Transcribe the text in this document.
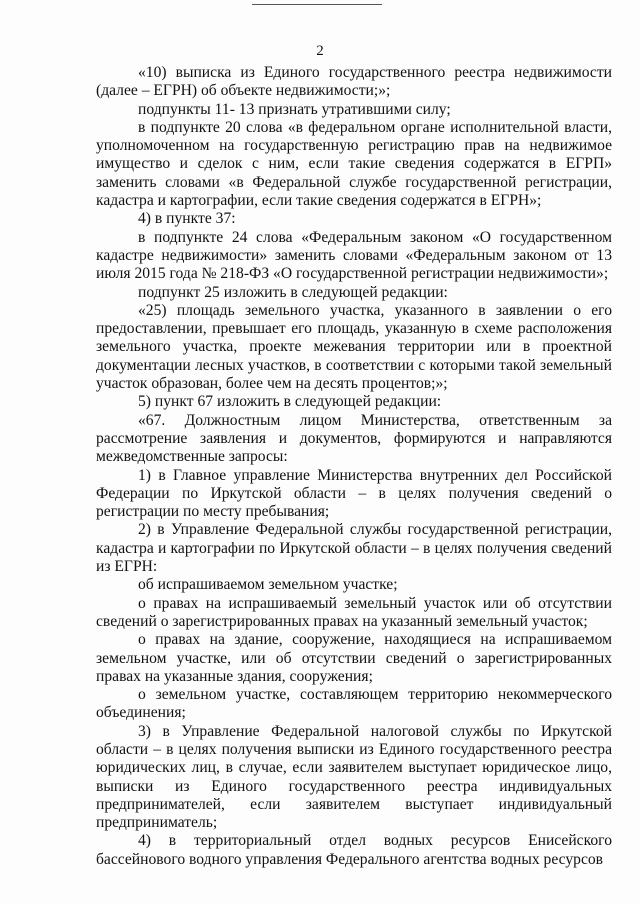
2

«10) выписка из Единого государственного реестра недвижимости (далее – ЕГРН) об объекте недвижимости;»;

подпункты 11- 13 признать утратившими силу;

в подпункте 20 слова «в федеральном органе исполнительной власти, уполномоченном на государственную регистрацию прав на недвижимое имущество и сделок с ним, если такие сведения содержатся в ЕГРП» заменить словами «в Федеральной службе государственной регистрации, кадастра и картографии, если такие сведения содержатся в ЕГРН»;

4) в пункте 37:

в подпункте 24 слова «Федеральным законом «О государственном кадастре недвижимости» заменить словами «Федеральным законом от 13 июля 2015 года № 218-ФЗ «О государственной регистрации недвижимости»;

подпункт 25 изложить в следующей редакции:

«25) площадь земельного участка, указанного в заявлении о его предоставлении, превышает его площадь, указанную в схеме расположения земельного участка, проекте межевания территории или в проектной документации лесных участков, в соответствии с которыми такой земельный участок образован, более чем на десять процентов;»;

5) пункт 67 изложить в следующей редакции:

«67. Должностным лицом Министерства, ответственным за рассмотрение заявления и документов, формируются и направляются межведомственные запросы:

1) в Главное управление Министерства внутренних дел Российской Федерации по Иркутской области – в целях получения сведений о регистрации по месту пребывания;

2) в Управление Федеральной службы государственной регистрации, кадастра и картографии по Иркутской области – в целях получения сведений из ЕГРН:

об испрашиваемом земельном участке;

о правах на испрашиваемый земельный участок или об отсутствии сведений о зарегистрированных правах на указанный земельный участок;

о правах на здание, сооружение, находящиеся на испрашиваемом земельном участке, или об отсутствии сведений о зарегистрированных правах на указанные здания, сооружения;

о земельном участке, составляющем территорию некоммерческого объединения;

3) в Управление Федеральной налоговой службы по Иркутской области – в целях получения выписки из Единого государственного реестра юридических лиц, в случае, если заявителем выступает юридическое лицо, выписки из Единого государственного реестра индивидуальных предпринимателей, если заявителем выступает индивидуальный предприниматель;

4) в территориальный отдел водных ресурсов Енисейского бассейнового водного управления Федерального агентства водных ресурсов
